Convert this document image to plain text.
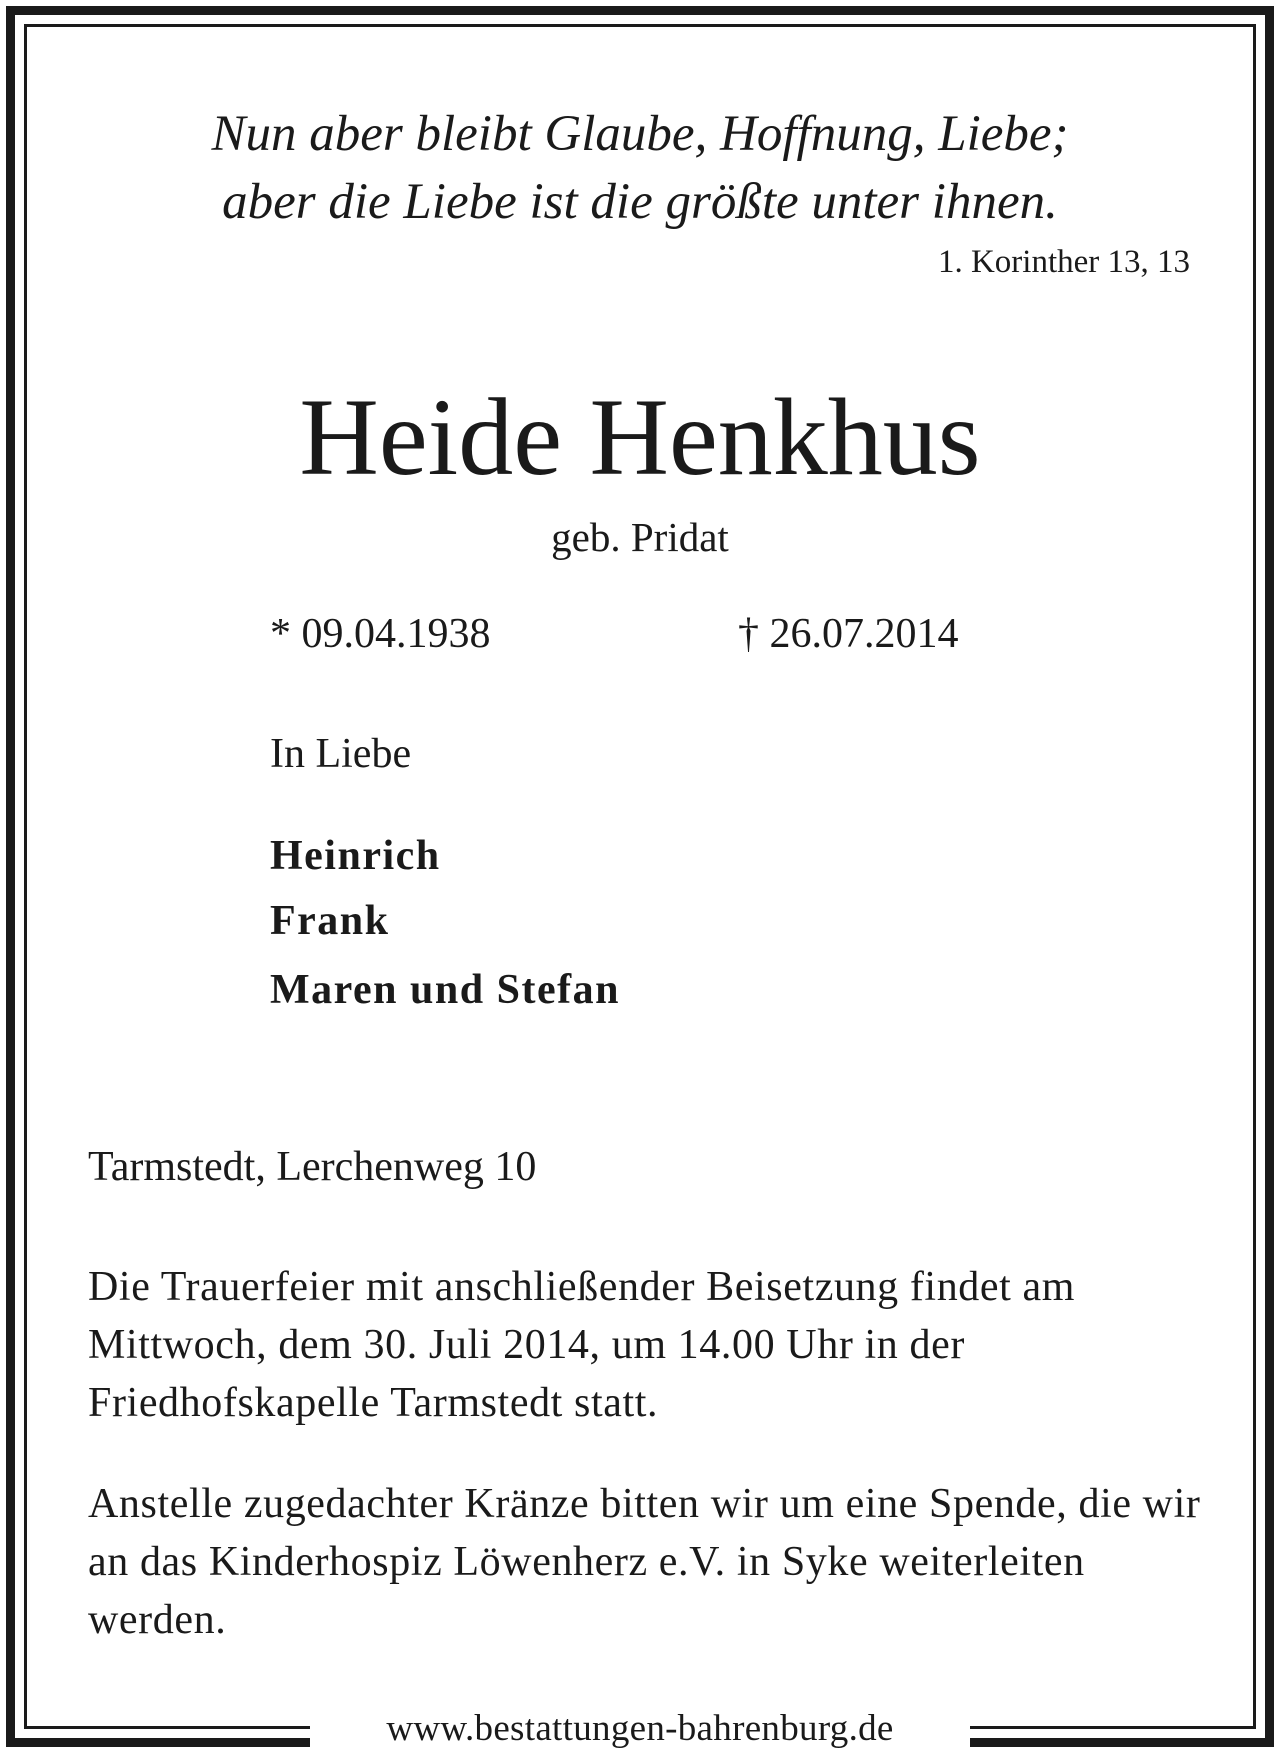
Nun aber bleibt Glaube, Hoffnung, Liebe;
aber die Liebe ist die größte unter ihnen.
1. Korinther 13, 13
Heide Henkhus
geb. Pridat
* 09.04.1938	† 26.07.2014
In Liebe
Heinrich
Frank
Maren und Stefan
Tarmstedt, Lerchenweg 10
Die Trauerfeier mit anschließender Beisetzung findet am Mittwoch, dem 30. Juli 2014, um 14.00 Uhr in der Friedhofskapelle Tarmstedt statt.
Anstelle zugedachter Kränze bitten wir um eine Spende, die wir an das Kinderhospiz Löwenherz e.V. in Syke weiterleiten werden.
www.bestattungen-bahrenburg.de
